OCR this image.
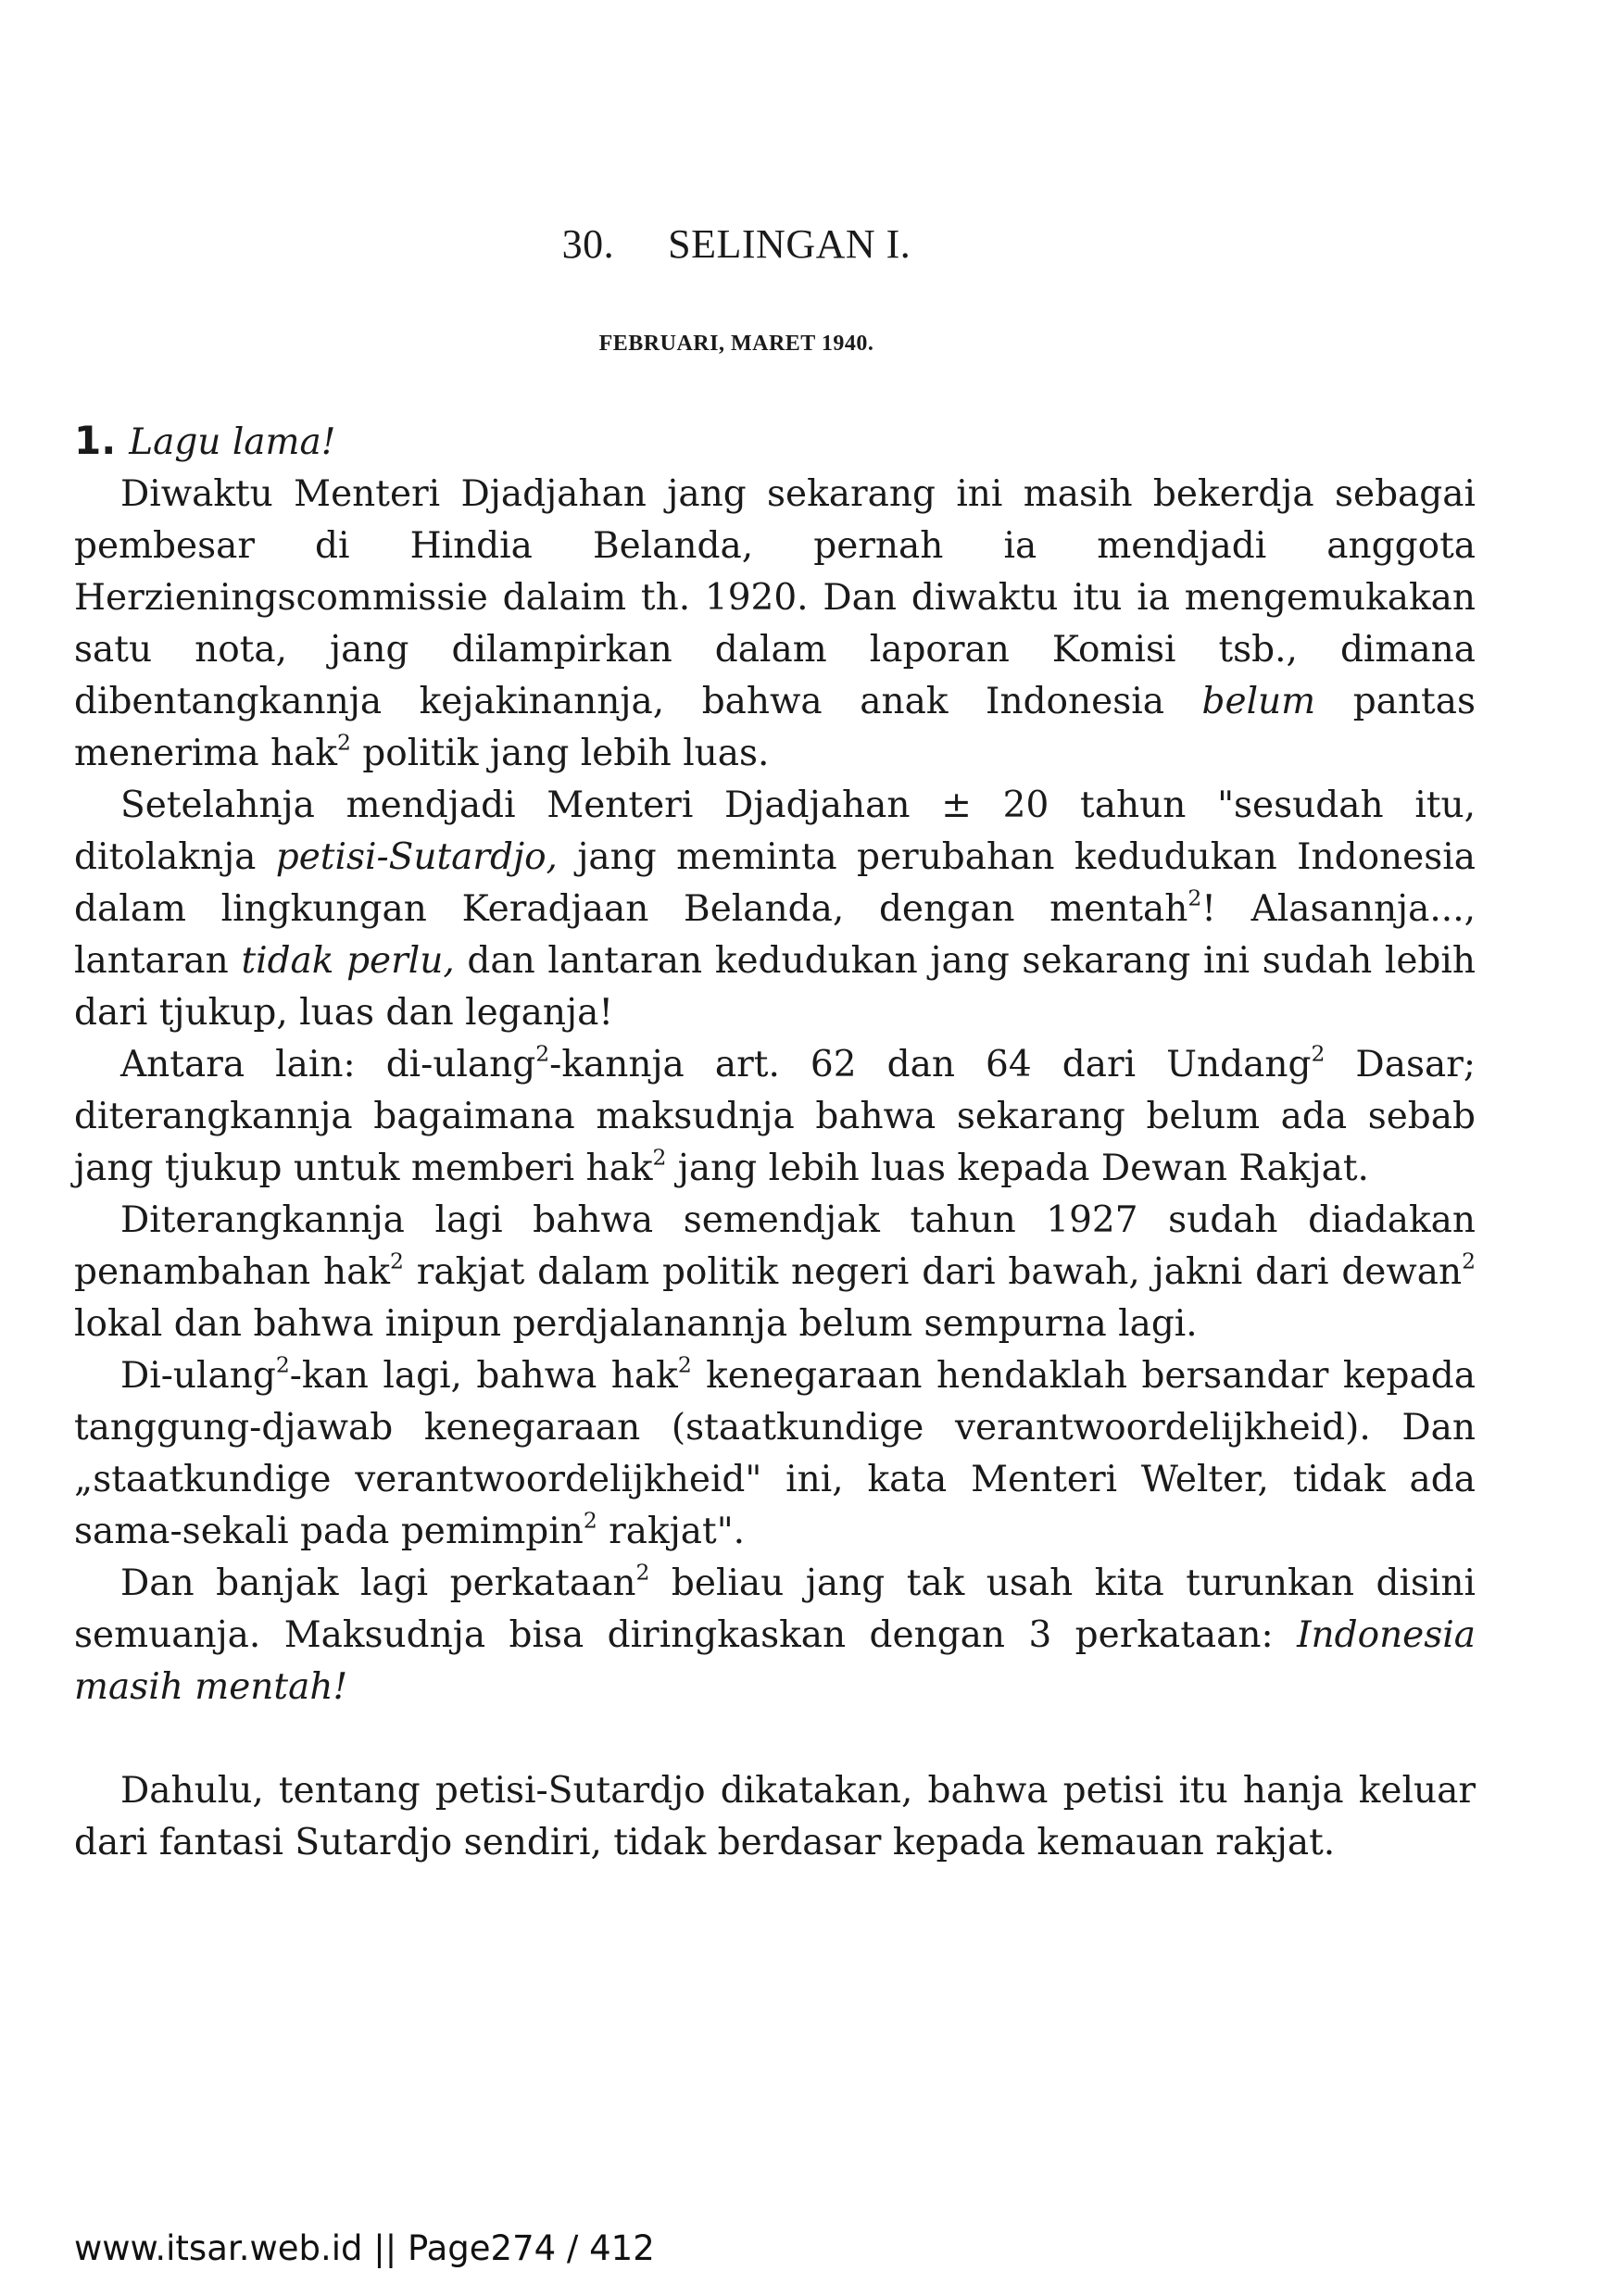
30. SELINGAN I.
FEBRUARI, MARET 1940.
1. Lagu lama!

Diwaktu Menteri Djadjahan jang sekarang ini masih bekerdja sebagai pembesar di Hindia Belanda, pernah ia mendjadi anggota Herzieningscommissie dalaim th. 1920. Dan diwaktu itu ia mengemukakan satu nota, jang dilampirkan dalam laporan Komisi tsb., dimana dibentangkannja kejakinannja, bahwa anak Indonesia belum pantas menerima hak$^2$ politik jang lebih luas.

Setelahnja mendjadi Menteri Djadjahan ± 20 tahun "sesudah itu, ditolaknja petisi-Sutardjo, jang meminta perubahan kedudukan Indonesia dalam lingkungan Keradjaan Belanda, dengan mentah$^2$! Alasannja..., lantaran tidak perlu, dan lantaran kedudukan jang sekarang ini sudah lebih dari tjukup, luas dan leganja!

Antara lain: di-ulang$^2$-kannja art. 62 dan 64 dari Undang$^2$ Dasar; diterangkannja bagaimana maksudnja bahwa sekarang belum ada sebab jang tjukup untuk memberi hak$^2$ jang lebih luas kepada Dewan Rakjat.

Diterangkannja lagi bahwa semendjak tahun 1927 sudah diadakan penambahan hak$^2$ rakjat dalam politik negeri dari bawah, jakni dari dewan$^2$ lokal dan bahwa inipun perdjalanannja belum sempurna lagi.

Di-ulang$^2$-kan lagi, bahwa hak$^2$ kenegaraan hendaklah bersandar kepada tanggung-djawab kenegaraan (staatkundige verantwoordelijkheid). Dan „staatkundige verantwoordelijkheid" ini, kata Menteri Welter, tidak ada sama-sekali pada pemimpin$^2$ rakjat".

Dan banjak lagi perkataan$^2$ beliau jang tak usah kita turunkan disini semuanja. Maksudnja bisa diringkaskan dengan 3 perkataan: Indonesia masih mentah!

Dahulu, tentang petisi-Sutardjo dikatakan, bahwa petisi itu hanja keluar dari fantasi Sutardjo sendiri, tidak berdasar kepada kemauan rakjat.

www.itsar.web.id || Page274 / 412
